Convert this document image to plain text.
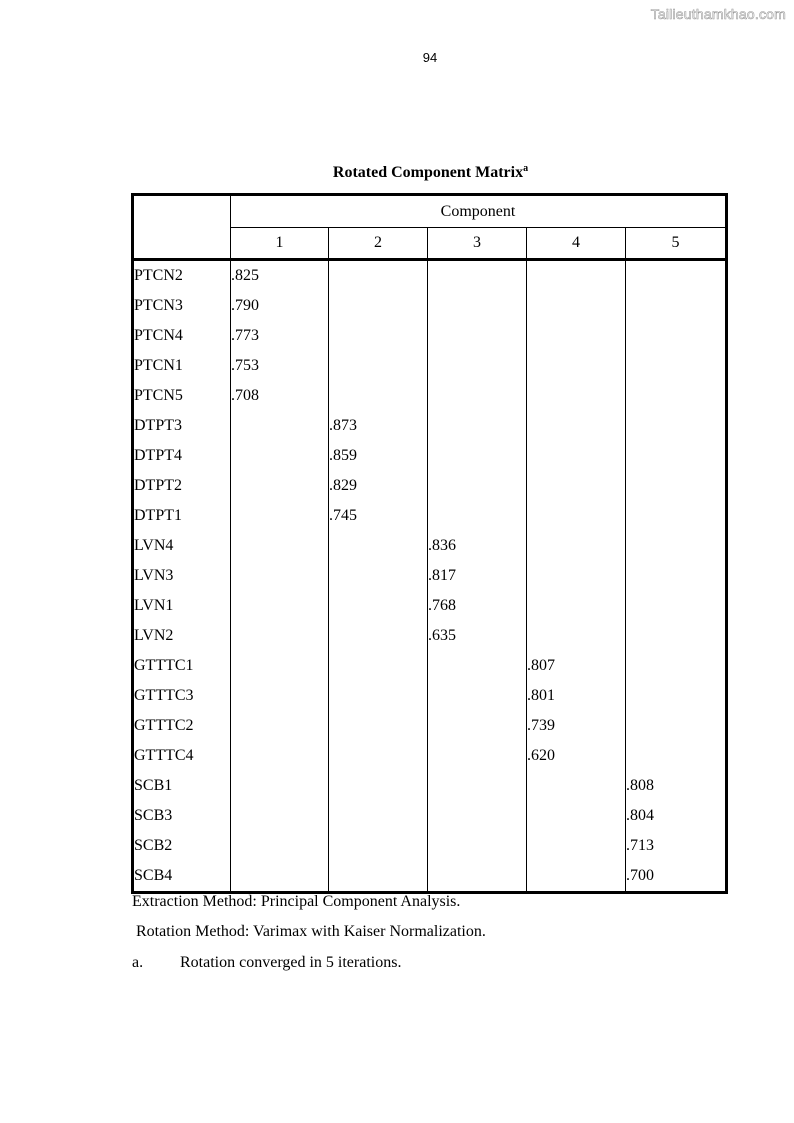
Tailieuthamkhao.com
94
Rotated Component Matrix$^a$
	Component				
	1	2	3	4	5
PTCN2	.825				
PTCN3	.790				
PTCN4	.773				
PTCN1	.753				
PTCN5	.708				
DTPT3		.873			
DTPT4		.859			
DTPT2		.829			
DTPT1		.745			
LVN4			.836		
LVN3			.817		
LVN1			.768		
LVN2			.635		
GTTTC1				.807	
GTTTC3				.801	
GTTTC2				.739	
GTTTC4				.620	
SCB1					.808
SCB3					.804
SCB2					.713
SCB4					.700
Extraction Method: Principal Component Analysis.
Rotation Method: Varimax with Kaiser Normalization.
a. Rotation converged in 5 iterations.
